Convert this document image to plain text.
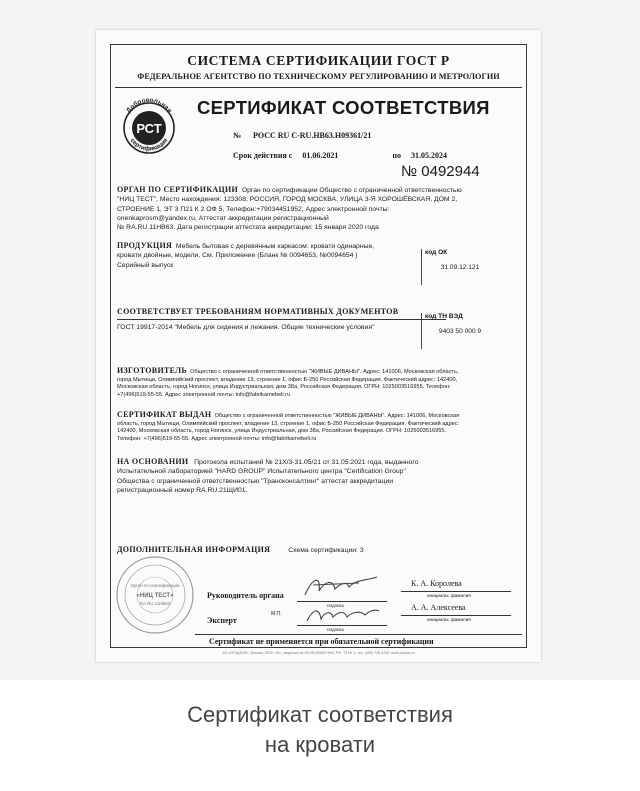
СИСТЕМА СЕРТИФИКАЦИИ ГОСТ Р
ФЕДЕРАЛЬНОЕ АГЕНТСТВО ПО ТЕХНИЧЕСКОМУ РЕГУЛИРОВАНИЮ И МЕТРОЛОГИИ
Добровольная
сертификация
РСТ
СЕРТИФИКАТ СООТВЕТСТВИЯ
№ РОСС RU C-RU.НВ63.Н09361/21
Срок действия с 01.06.2021	по 31.05.2024
№ 0492944
ОРГАН ПО СЕРТИФИКАЦИИ Орган по сертификации Общество с ограниченной ответственностью
"НИЦ ТЕСТ", Место нахождения: 123308, РОССИЯ, ГОРОД МОСКВА, УЛИЦА 3-Я ХОРОШЁВСКАЯ, ДОМ 2,
СТРОЕНИЕ 1, ЭТ 3 П21 К 2 ОФ 5, Телефон:+79034451952, Адрес электронной почты:
onenkaprosm@yandex.ru, Аттестат аккредитации регистрационный
№ RA.RU.11НВ63. Дата регистрации аттестата аккредитации: 15 января 2020 года
ПРОДУКЦИЯ Мебель бытовая с деревянным каркасом: кровати одинарные,
кровати двойные, модели, См. Приложение (Бланк № 0094653, №0094654 )
Серийный выпуск
код ОК
31.09.12.121
СООТВЕТСТВУЕТ ТРЕБОВАНИЯМ НОРМАТИВНЫХ ДОКУМЕНТОВ
ГОСТ 19917-2014 "Мебель для сидения и лежания. Общие технические условия"
код ТН ВЭД
9403 50 000 9
ИЗГОТОВИТЕЛЬ Общество с ограниченной ответственностью "ЖИВЫЕ ДИВАНЫ". Адрес: 141006, Московская область,
город Мытищи, Олимпийский проспект, владение 13, строение 1, офис Б-250 Российская Федерация. Фактический адрес: 142400,
Московская область, город Ногинск, улица Индустриальная, дом 38а, Российская Федерация. ОГРН: 1025003516955. Телефон:
+7(496)519-55-55. Адрес электронной почты: info@fabrikamebeli.ru
СЕРТИФИКАТ ВЫДАН Общество с ограниченной ответственностью "ЖИВЫЕ ДИВАНЫ". Адрес: 141006, Московская
область, город Мытищи, Олимпийский проспект, владение 13, строение 1, офис Б-250 Российская Федерация. Фактический адрес:
142400, Московская область, город Ногинск, улица Индустриальная, дом 38а, Российская Федерация. ОГРН: 1025003516955.
Телефон: +7(496)519-55-55. Адрес электронной почты: info@fabrikamebeli.ru
НА ОСНОВАНИИ Протокола испытаний № 21Х/3-31.05/21 от 31.05.2021 года, выданного
Испытательной лабораторией "HARD GROUP" Испытательного центра "Certification Group"
Общества с ограниченной ответственностью "Трансконсалтинг" аттестат аккредитации
регистрационный номер RA.RU.21ЩИ01.
ДОПОЛНИТЕЛЬНАЯ ИНФОРМАЦИЯ	Схема сертификации: 3
Орган по сертификации
«НИЦ ТЕСТ»
RA.RU.11НВ63
Руководитель органа
подпись
К. А. Королева
инициалы, фамилия
Эксперт
М.П.
подпись
А. А. Алексеева
инициалы, фамилия
Сертификат не применяется при обязательной сертификации
АО «ОПЦИОН», Москва, 2020, «Б», лицензия № 05-05-09/003 ФНС РФ, ТЗ № 1, тел. (495) 726-4742, www.opcion.ru
Сертификат соответствия
на кровати
